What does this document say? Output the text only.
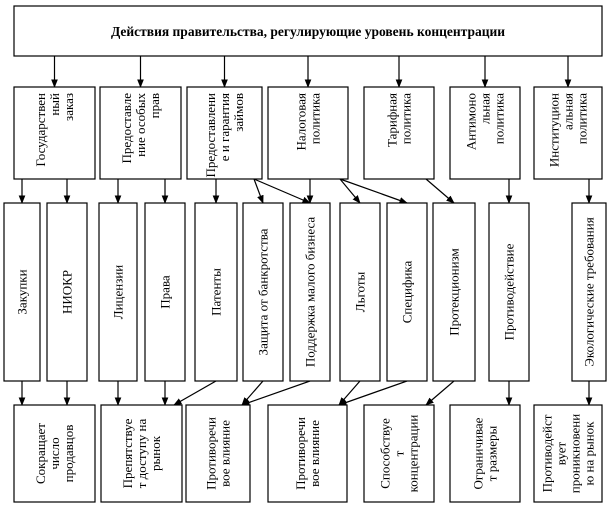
Действия правительства, регулирующие уровень концентрации
Государственныйзаказ	Предоставление особыхправ	Предоставление и гарантиязаймов	Налоговаяполитика	Тарифнаяполитика	Антимонольнаяполитика	Институциональнаяполитика
Закупки НИОКР	Лицензии Права	Патенты Защита от банкротства Поддержка малого бизнеса	Льготы Специфика Протекционизм	Противодействие	Экологические требования
Сокращаетчислопродавцов	Препятствует доступу нарынок	Противоречивое влияние	Противоречивое влияние	Способствуетконцентрации	Ограничивает размеры	Противодействуетпроникновению на рынок
